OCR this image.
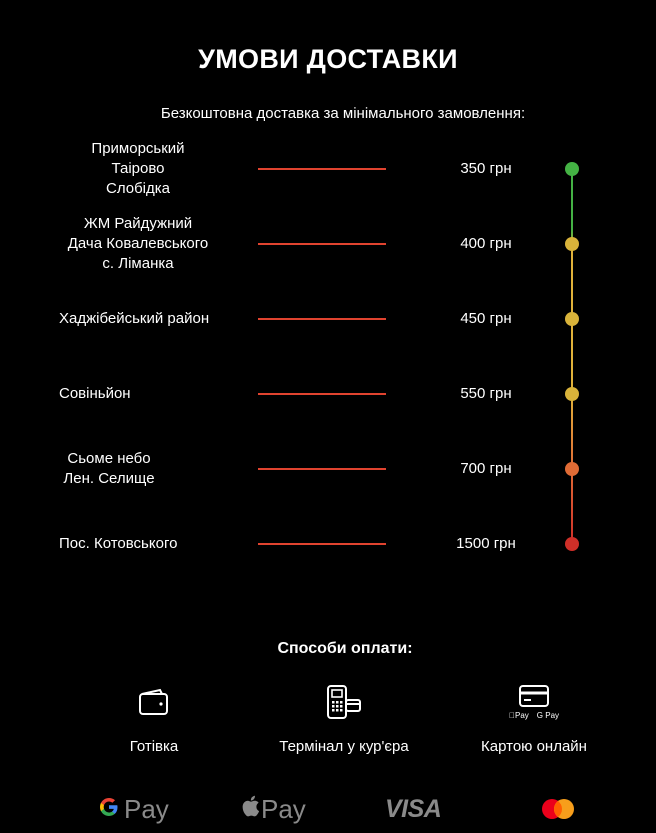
УМОВИ ДОСТАВКИ
Безкоштовна доставка за мінімального замовлення:
Приморський
Таірово
Слобідка
350 грн
ЖМ Райдужний
Дача Ковалевського
с. Ліманка
400 грн
Хаджібейський район	450 грн
Совіньйон	550 грн
Сьоме небо
Лен. Селище
700 грн
Пос. Котовського	1500 грн
Способи оплати:
Готівка	Термінал у кур'єра
Pay G Pay
Картою онлайн
Pay	Pay	VISA
